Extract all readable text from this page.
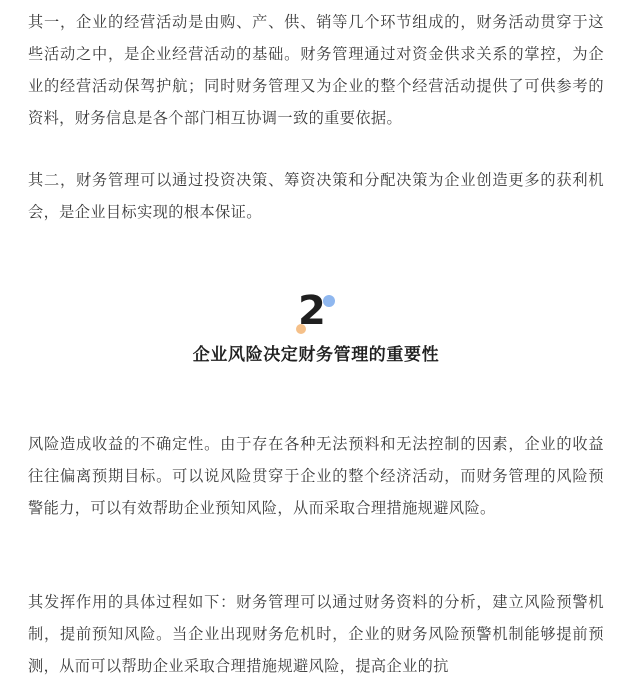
其一，企业的经营活动是由购、产、供、销等几个环节组成的，财务活动贯穿于这些活动之中，是企业经营活动的基础。财务管理通过对资金供求关系的掌控，为企业的经营活动保驾护航；同时财务管理又为企业的整个经营活动提供了可供参考的资料，财务信息是各个部门相互协调一致的重要依据。

其二，财务管理可以通过投资决策、筹资决策和分配决策为企业创造更多的获利机会，是企业目标实现的根本保证。

风险造成收益的不确定性。由于存在各种无法预料和无法控制的因素，企业的收益往往偏离预期目标。可以说风险贯穿于企业的整个经济活动，而财务管理的风险预警能力，可以有效帮助企业预知风险，从而采取合理措施规避风险。

其发挥作用的具体过程如下：财务管理可以通过财务资料的分析，建立风险预警机制，提前预知风险。当企业出现财务危机时，企业的财务风险预警机制能够提前预测，从而可以帮助企业采取合理措施规避风险，提高企业的抗

2
企业风险决定财务管理的重要性
